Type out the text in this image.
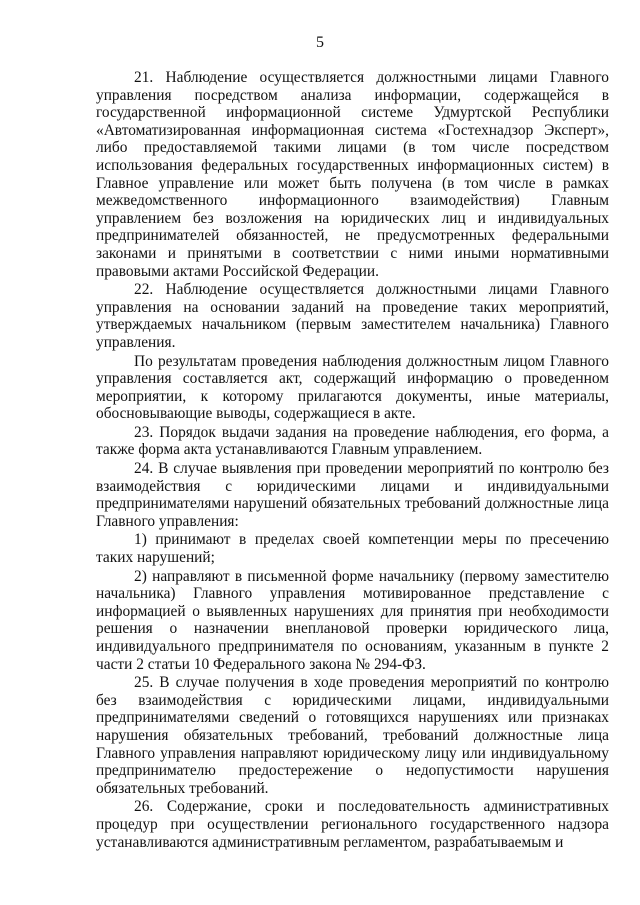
5

21. Наблюдение осуществляется должностными лицами Главного управления посредством анализа информации, содержащейся в государственной информационной системе Удмуртской Республики «Автоматизированная информационная система «Гостехнадзор Эксперт», либо предоставляемой такими лицами (в том числе посредством использования федеральных государственных информационных систем) в Главное управление или может быть получена (в том числе в рамках межведомственного информационного взаимодействия) Главным управлением без возложения на юридических лиц и индивидуальных предпринимателей обязанностей, не предусмотренных федеральными законами и принятыми в соответствии с ними иными нормативными правовыми актами Российской Федерации.

22. Наблюдение осуществляется должностными лицами Главного управления на основании заданий на проведение таких мероприятий, утверждаемых начальником (первым заместителем начальника) Главного управления.

По результатам проведения наблюдения должностным лицом Главного управления составляется акт, содержащий информацию о проведенном мероприятии, к которому прилагаются документы, иные материалы, обосновывающие выводы, содержащиеся в акте.

23. Порядок выдачи задания на проведение наблюдения, его форма, а также форма акта устанавливаются Главным управлением.

24. В случае выявления при проведении мероприятий по контролю без взаимодействия с юридическими лицами и индивидуальными предпринимателями нарушений обязательных требований должностные лица Главного управления:

1) принимают в пределах своей компетенции меры по пресечению таких нарушений;

2) направляют в письменной форме начальнику (первому заместителю начальника) Главного управления мотивированное представление с информацией о выявленных нарушениях для принятия при необходимости решения о назначении внеплановой проверки юридического лица, индивидуального предпринимателя по основаниям, указанным в пункте 2 части 2 статьи 10 Федерального закона № 294-ФЗ.

25. В случае получения в ходе проведения мероприятий по контролю без взаимодействия с юридическими лицами, индивидуальными предпринимателями сведений о готовящихся нарушениях или признаках нарушения обязательных требований, требований должностные лица Главного управления направляют юридическому лицу или индивидуальному предпринимателю предостережение о недопустимости нарушения обязательных требований.

26. Содержание, сроки и последовательность административных процедур при осуществлении регионального государственного надзора устанавливаются административным регламентом, разрабатываемым и
